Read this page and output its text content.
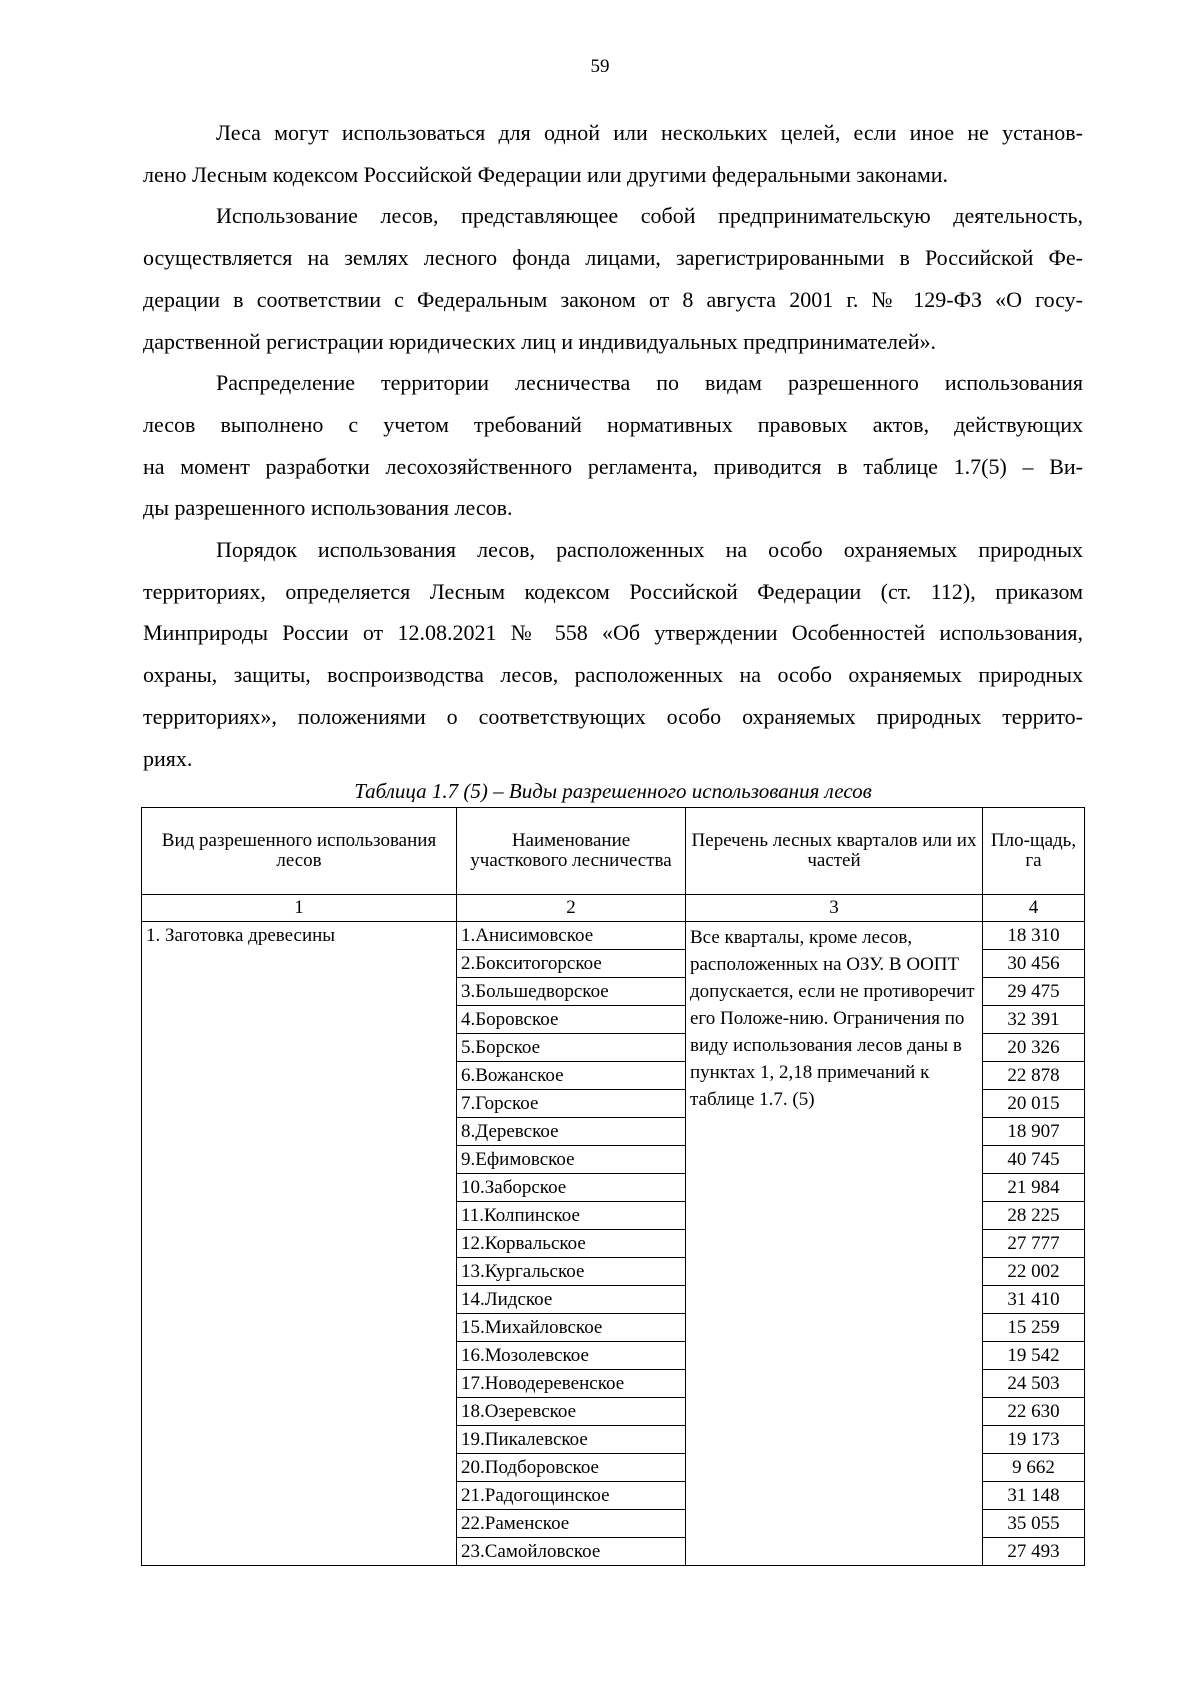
59
Леса могут использоваться для одной или нескольких целей, если иное не установ-
лено Лесным кодексом Российской Федерации или другими федеральными законами.
Использование лесов, представляющее собой предпринимательскую деятельность,
осуществляется на землях лесного фонда лицами, зарегистрированными в Российской Фе-
дерации в соответствии с Федеральным законом от 8 августа 2001 г. № 129-ФЗ «О госу-
дарственной регистрации юридических лиц и индивидуальных предпринимателей».
Распределение территории лесничества по видам разрешенного использования
лесов выполнено с учетом требований нормативных правовых актов, действующих
на момент разработки лесохозяйственного регламента, приводится в таблице 1.7(5) – Ви-
ды разрешенного использования лесов.
Порядок использования лесов, расположенных на особо охраняемых природных
территориях, определяется Лесным кодексом Российской Федерации (ст. 112), приказом
Минприроды России от 12.08.2021 № 558 «Об утверждении Особенностей использования,
охраны, защиты, воспроизводства лесов, расположенных на особо охраняемых природных
территориях», положениями о соответствующих особо охраняемых природных террито-
риях.
Таблица 1.7 (5) – Виды разрешенного использования лесов
Вид разрешенного использования лесов	Наименование участкового лесничества	Перечень лесных кварталов или их частей	Пло-щадь, га
1	2	3	4
1. Заготовка древесины	1.Анисимовское	Все кварталы, кроме лесов, расположенных на ОЗУ. В ООПТ допускается, если не противоречит его Положе-нию. Ограничения по виду использования лесов даны в пунктах 1, 2,18 примечаний к таблице 1.7. (5)	18 310
	2.Бокситогорское		30 456
	3.Большедворское		29 475
	4.Боровское		32 391
	5.Борское		20 326
	6.Вожанское		22 878
	7.Горское		20 015
	8.Деревское		18 907
	9.Ефимовское		40 745
	10.Заборское		21 984
	11.Колпинское		28 225
	12.Корвальское		27 777
	13.Кургальское		22 002
	14.Лидское		31 410
	15.Михайловское		15 259
	16.Мозолевское		19 542
	17.Новодеревенское		24 503
	18.Озеревское		22 630
	19.Пикалевское		19 173
	20.Подборовское		9 662
	21.Радогощинское		31 148
	22.Раменское		35 055
	23.Самойловское		27 493
